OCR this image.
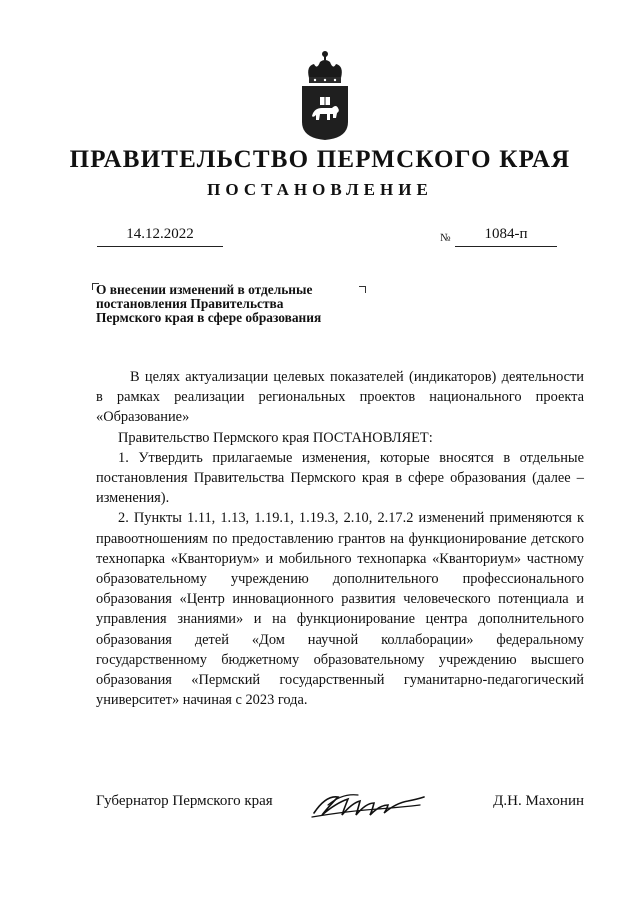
ПРАВИТЕЛЬСТВО ПЕРМСКОГО КРАЯ
ПОСТАНОВЛЕНИЕ
14.12.2022	№	1084-п
О внесении изменений в отдельные
постановления Правительства
Пермского края в сфере образования
В целях актуализации целевых показателей (индикаторов) деятельности в рамках реализации региональных проектов национального проекта «Образование»
Правительство Пермского края ПОСТАНОВЛЯЕТ:
1. Утвердить прилагаемые изменения, которые вносятся в отдельные постановления Правительства Пермского края в сфере образования (далее – изменения).
2. Пункты 1.11, 1.13, 1.19.1, 1.19.3, 2.10, 2.17.2 изменений применяются к правоотношениям по предоставлению грантов на функционирование детского технопарка «Кванториум» и мобильного технопарка «Кванториум» частному образовательному учреждению дополнительного профессионального образования «Центр инновационного развития человеческого потенциала и управления знаниями» и на функционирование центра дополнительного образования детей «Дом научной коллаборации» федеральному государственному бюджетному образовательному учреждению высшего образования «Пермский государственный гуманитарно-педагогический университет» начиная с 2023 года.
Губернатор Пермского края	Д.Н. Махонин
